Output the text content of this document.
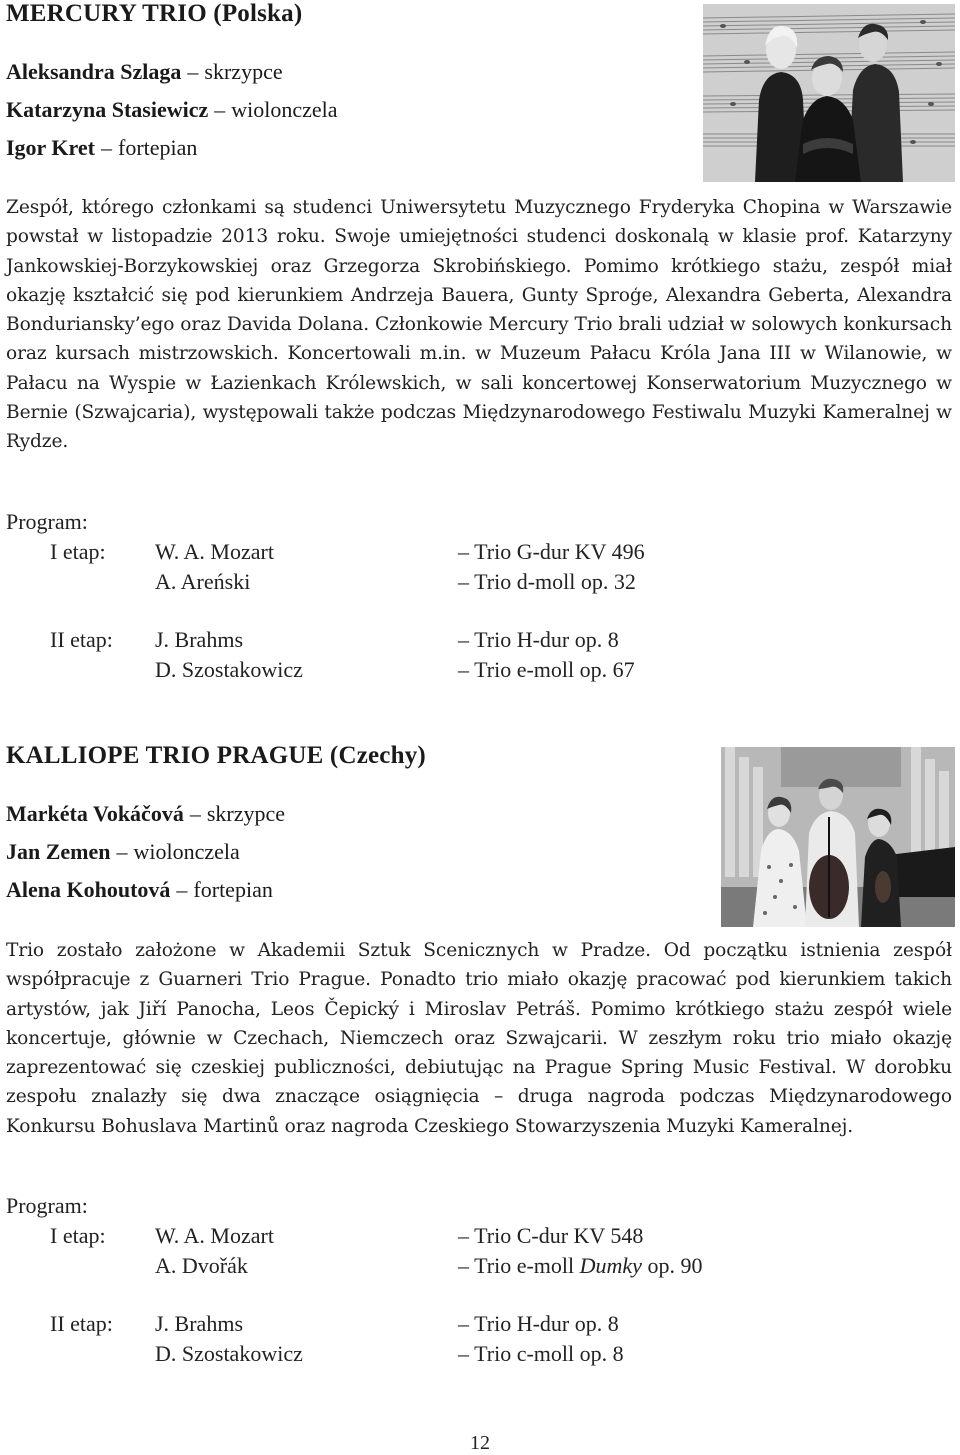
MERCURY TRIO (Polska)
Aleksandra Szlaga – skrzypce
Katarzyna Stasiewicz – wiolonczela
Igor Kret – fortepian

Zespół, którego członkami są studenci Uniwersytetu Muzycznego Fryderyka Chopina w Warszawie powstał w listopadzie 2013 roku. Swoje umiejętności studenci doskonalą w klasie prof. Katarzyny Jankowskiej-Borzykowskiej oraz Grzegorza Skrobińskiego. Pomimo krótkiego stażu, zespół miał okazję kształcić się pod kierunkiem Andrzeja Bauera, Gunty Sproģe, Alexandra Geberta, Alexandra Bonduriansky’ego oraz Davida Dolana. Członkowie Mercury Trio brali udział w solowych konkursach oraz kursach mistrzowskich. Koncertowali m.in. w Muzeum Pałacu Króla Jana III w Wilanowie, w Pałacu na Wyspie w Łazienkach Królewskich, w sali koncertowej Konserwatorium Muzycznego w Bernie (Szwajcaria), występowali także podczas Międzynarodowego Festiwalu Muzyki Kameralnej w Rydze.

Program:
I etap: W. A. Mozart	– Trio G-dur KV 496
A. Areński	– Trio d-moll op. 32
II etap: J. Brahms	– Trio H-dur op. 8
D. Szostakowicz	– Trio e-moll op. 67
KALLIOPE TRIO PRAGUE (Czechy)
Markéta Vokáčová – skrzypce
Jan Zemen – wiolonczela
Alena Kohoutová – fortepian

Trio zostało założone w Akademii Sztuk Scenicznych w Pradze. Od początku istnienia zespół współpracuje z Guarneri Trio Prague. Ponadto trio miało okazję pracować pod kierunkiem takich artystów, jak Jiří Panocha, Leos Čepický i Miroslav Petráš. Pomimo krótkiego stażu zespół wiele koncertuje, głównie w Czechach, Niemczech oraz Szwajcarii. W zeszłym roku trio miało okazję zaprezentować się czeskiej publiczności, debiutując na Prague Spring Music Festival. W dorobku zespołu znalazły się dwa znaczące osiągnięcia – druga nagroda podczas Międzynarodowego Konkursu Bohuslava Martinů oraz nagroda Czeskiego Stowarzyszenia Muzyki Kameralnej.

Program:
I etap: W. A. Mozart	– Trio C-dur KV 548
A. Dvořák	– Trio e-moll Dumky op. 90
II etap: J. Brahms	– Trio H-dur op. 8
D. Szostakowicz	– Trio c-moll op. 8
12
